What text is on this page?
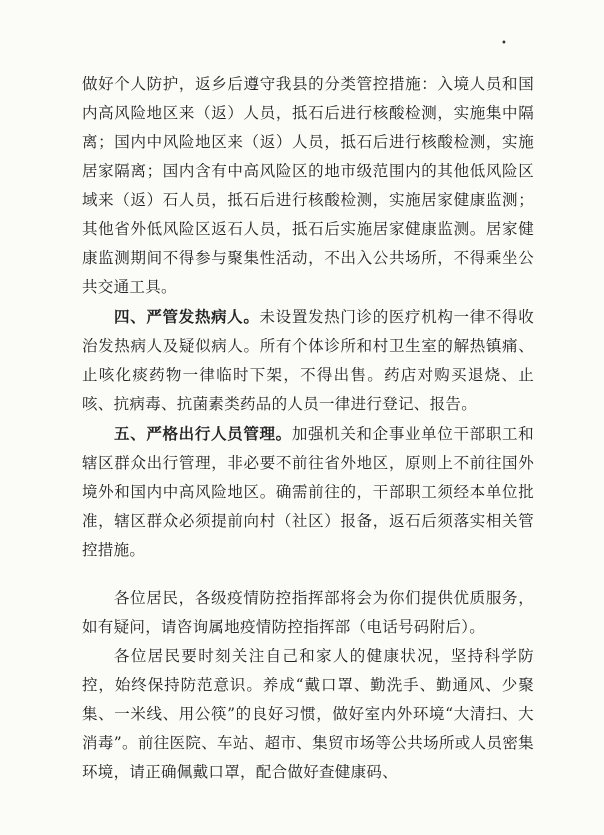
•

做好个人防护，返乡后遵守我县的分类管控措施：入境人员和国内高风险地区来（返）人员，抵石后进行核酸检测，实施集中隔离；国内中风险地区来（返）人员，抵石后进行核酸检测，实施居家隔离；国内含有中高风险区的地市级范围内的其他低风险区域来（返）石人员，抵石后进行核酸检测，实施居家健康监测；其他省外低风险区返石人员，抵石后实施居家健康监测。居家健康监测期间不得参与聚集性活动，不出入公共场所，不得乘坐公共交通工具。

四、严管发热病人。未设置发热门诊的医疗机构一律不得收治发热病人及疑似病人。所有个体诊所和村卫生室的解热镇痛、止咳化痰药物一律临时下架，不得出售。药店对购买退烧、止咳、抗病毒、抗菌素类药品的人员一律进行登记、报告。

五、严格出行人员管理。加强机关和企事业单位干部职工和辖区群众出行管理，非必要不前往省外地区，原则上不前往国外境外和国内中高风险地区。确需前往的，干部职工须经本单位批准，辖区群众必须提前向村（社区）报备，返石后须落实相关管控措施。

各位居民，各级疫情防控指挥部将会为你们提供优质服务，如有疑问，请咨询属地疫情防控指挥部（电话号码附后）。

各位居民要时刻关注自己和家人的健康状况，坚持科学防控，始终保持防范意识。养成“戴口罩、勤洗手、勤通风、少聚集、一米线、用公筷”的良好习惯，做好室内外环境“大清扫、大消毒”。前往医院、车站、超市、集贸市场等公共场所或人员密集环境，请正确佩戴口罩，配合做好查健康码、
